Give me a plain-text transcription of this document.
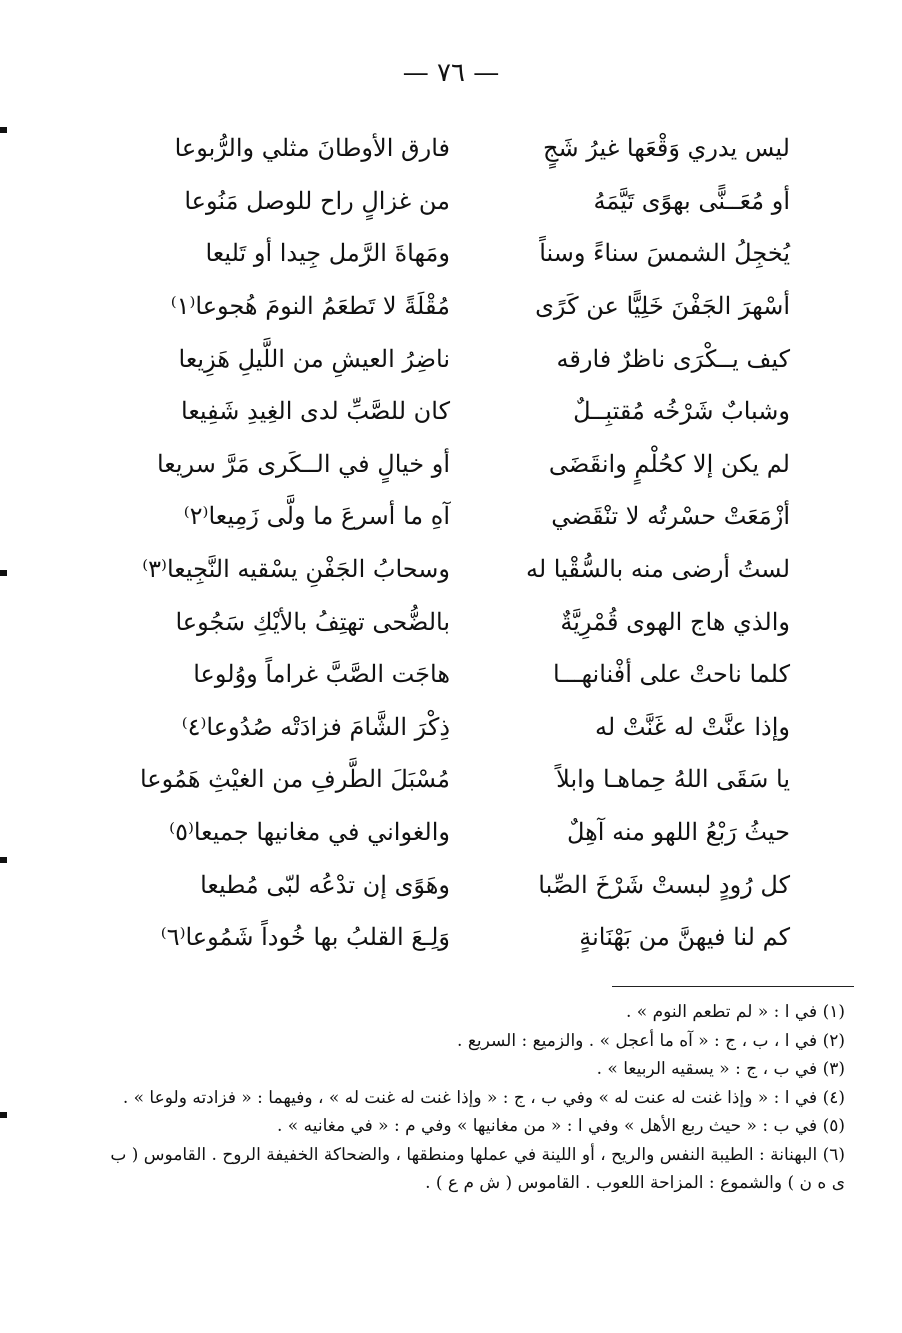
— ٧٦ —
ليس يدري وَقْعَها غيرُ شَجٍ
فارق الأوطانَ مثلي والرُّبوعا
أو مُعَــنًّى بهوًى تَيَّمَهُ
من غزالٍ راح للوصل مَنُوعا
يُخجِلُ الشمسَ سناءً وسناً
ومَهاةَ الرَّمل جِيدا أو تَليعا
أسْهرَ الجَفْنَ خَلِيًّا عن كَرًى
مُقْلَةً لا تَطعَمُ النومَ هُجوعا⁽١⁾
كيف يــكْرَى ناظرٌ فارقه
ناضِرُ العيشِ من اللَّيلِ هَزِيعا
وشبابٌ شَرْخُه مُقتبِــلٌ
كان للصَّبِّ لدى الغِيدِ شَفِيعا
لم يكن إلا كحُلْمٍ وانقَضَى
أو خيالٍ في الــكَرى مَرَّ سريعا
أزْمَعَتْ حسْرتُه لا تنْقَضي
آهِ ما أسرعَ ما ولَّى زَمِيعا⁽٢⁾
لستُ أرضى منه بالسُّقْيا له
وسحابُ الجَفْنِ يسْقيه النَّجِيعا⁽٣⁾
والذي هاج الهوى قُمْرِيَّةٌ
بالضُّحى تهتِفُ بالأيْكِ سَجُوعا
كلما ناحتْ على أفْنانهـــا
هاجَت الصَّبَّ غراماً ووُلوعا
وإذا عنَّتْ له غَنَّتْ له
ذِكْرَ الشَّامَ فزادَتْه صُدُوعا⁽٤⁾
يا سَقَى اللهُ حِماهـا وابلاً
مُسْبَلَ الطَّرفِ من الغيْثِ هَمُوعا
حيثُ رَبْعُ اللهو منه آهِلٌ
والغواني في مغانيها جميعا⁽٥⁾
كل رُودٍ لبستْ شَرْخَ الصِّبا
وهَوًى إن تدْعُه لبّى مُطيعا
كم لنا فيهنَّ من بَهْنَانةٍ
وَلِـعَ القلبُ بها خُوداً شَمُوعا⁽٦⁾
(١) في ا : « لم تطعم النوم » .
(٢) في ا ، ب ، ج : « آه ما أعجل » . والزميع : السريع .
(٣) في ب ، ج : « يسقيه الربيعا » .
(٤) في ا : « وإذا غنت له عنت له » وفي ب ، ج : « وإذا غنت له غنت له » ، وفيهما : « فزادته ولوعا » .
(٥) في ب : « حيث ربع الأهل » وفي ا : « من مغانيها » وفي م : « في مغانيه » .
(٦) البهنانة : الطيبة النفس والريح ، أو اللينة في عملها ومنطقها ، والضحاكة الخفيفة الروح . القاموس ( ب ى ه ن ) والشموع : المزاحة اللعوب . القاموس ( ش م ع ) .
